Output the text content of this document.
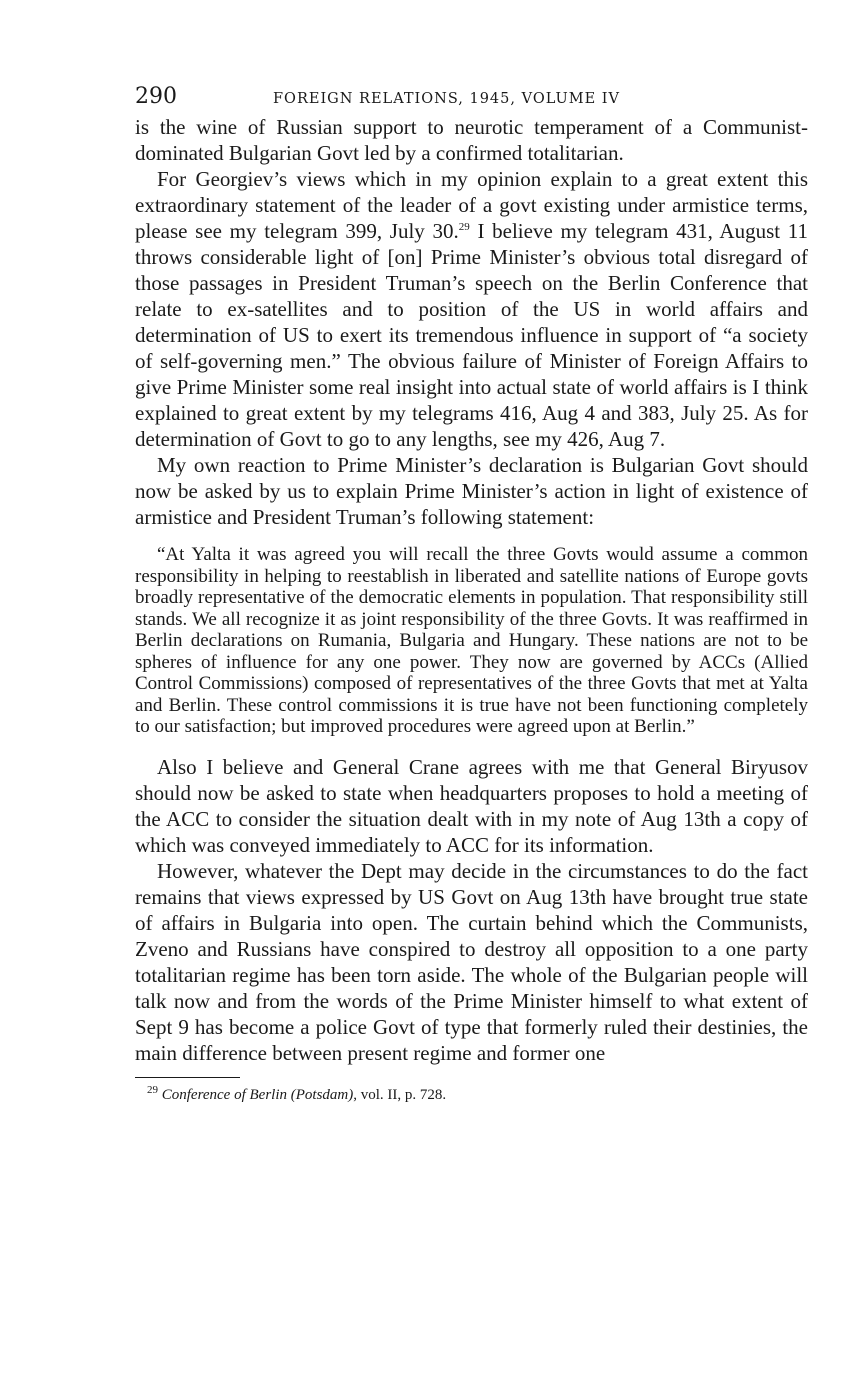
290	FOREIGN RELATIONS, 1945, VOLUME IV

is the wine of Russian support to neurotic temperament of a Communist-dominated Bulgarian Govt led by a confirmed totalitarian.

For Georgiev’s views which in my opinion explain to a great extent this extraordinary statement of the leader of a govt existing under armistice terms, please see my telegram 399, July 30.29 I believe my telegram 431, August 11 throws considerable light of [on] Prime Minister’s obvious total disregard of those passages in President Truman’s speech on the Berlin Conference that relate to ex-satellites and to position of the US in world affairs and determination of US to exert its tremendous influence in support of “a society of self-governing men.” The obvious failure of Minister of Foreign Affairs to give Prime Minister some real insight into actual state of world affairs is I think explained to great extent by my telegrams 416, Aug 4 and 383, July 25. As for determination of Govt to go to any lengths, see my 426, Aug 7.

My own reaction to Prime Minister’s declaration is Bulgarian Govt should now be asked by us to explain Prime Minister’s action in light of existence of armistice and President Truman’s following statement:

“At Yalta it was agreed you will recall the three Govts would assume a common responsibility in helping to reestablish in liberated and satellite nations of Europe govts broadly representative of the democratic elements in population. That responsibility still stands. We all recognize it as joint responsibility of the three Govts. It was reaffirmed in Berlin declarations on Rumania, Bulgaria and Hungary. These nations are not to be spheres of influence for any one power. They now are governed by ACCs (Allied Control Commissions) composed of representatives of the three Govts that met at Yalta and Berlin. These control commissions it is true have not been functioning completely to our satisfaction; but improved procedures were agreed upon at Berlin.”

Also I believe and General Crane agrees with me that General Biryusov should now be asked to state when headquarters proposes to hold a meeting of the ACC to consider the situation dealt with in my note of Aug 13th a copy of which was conveyed immediately to ACC for its information.

However, whatever the Dept may decide in the circumstances to do the fact remains that views expressed by US Govt on Aug 13th have brought true state of affairs in Bulgaria into open. The curtain behind which the Communists, Zveno and Russians have conspired to destroy all opposition to a one party totalitarian regime has been torn aside. The whole of the Bulgarian people will talk now and from the words of the Prime Minister himself to what extent of Sept 9 has become a police Govt of type that formerly ruled their destinies, the main difference between present regime and former one

$^{29}$ Conference of Berlin (Potsdam), vol. II, p. 728.
